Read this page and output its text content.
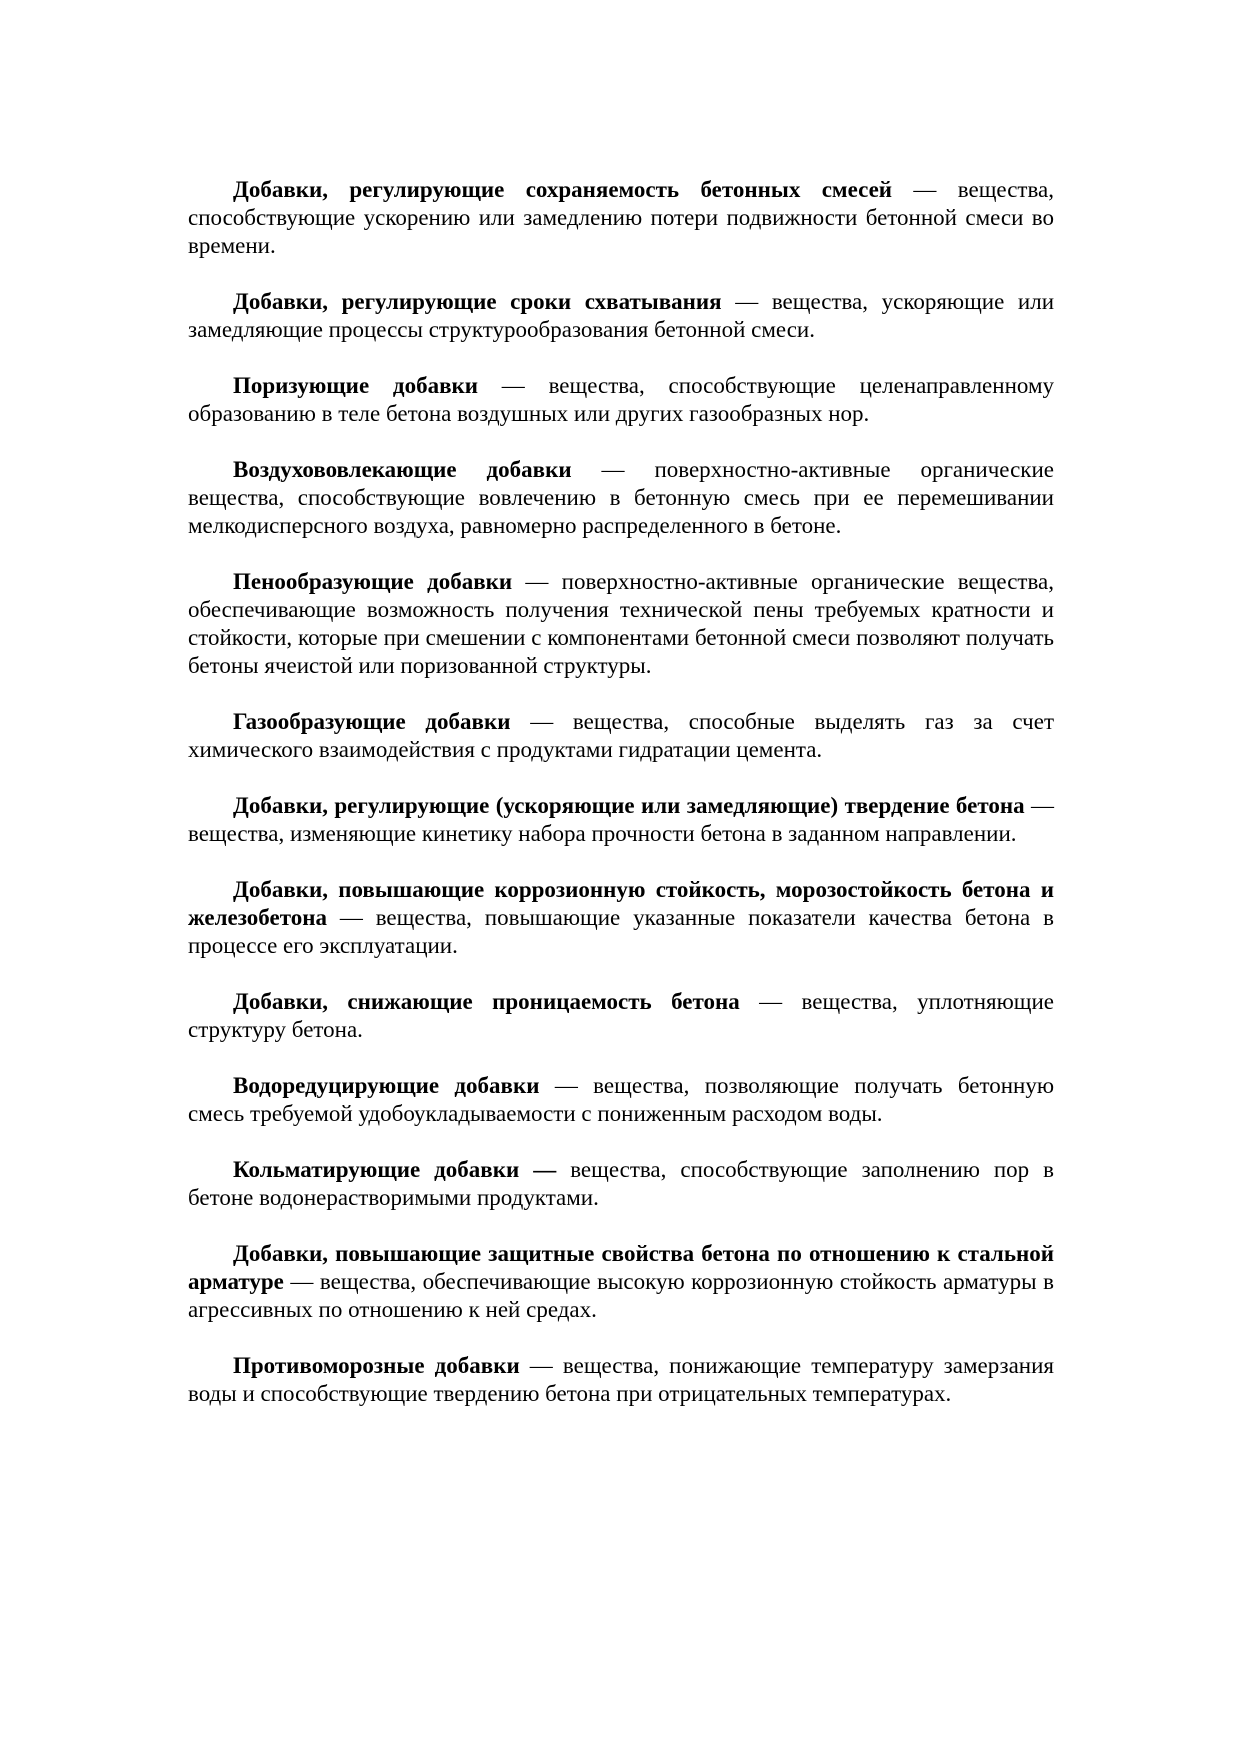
Добавки, регулирующие сохраняемость бетонных смесей — вещества, способствующие ускорению или замедлению потери подвижности бетонной смеси во времени.

Добавки, регулирующие сроки схватывания — вещества, ускоряющие или замедляющие процессы структурообразования бетонной смеси.

Поризующие добавки — вещества, способствующие целенаправленному образованию в теле бетона воздушных или других газообразных нор.

Воздухововлекающие добавки — поверхностно-активные органические вещества, способствующие вовлечению в бетонную смесь при ее перемешивании мелкодисперсного воздуха, равномерно распределенного в бетоне.

Пенообразующие добавки — поверхностно-активные органические вещества, обеспечивающие возможность получения технической пены требуемых кратности и стойкости, которые при смешении с компонентами бетонной смеси позволяют получать бетоны ячеистой или поризованной структуры.

Газообразующие добавки — вещества, способные выделять газ за счет химического взаимодействия с продуктами гидратации цемента.

Добавки, регулирующие (ускоряющие или замедляющие) твердение бетона — вещества, изменяющие кинетику набора прочности бетона в заданном направлении.

Добавки, повышающие коррозионную стойкость, морозостойкость бетона и железобетона — вещества, повышающие указанные показатели качества бетона в процессе его эксплуатации.

Добавки, снижающие проницаемость бетона — вещества, уплотняющие структуру бетона.

Водоредуцирующие добавки — вещества, позволяющие получать бетонную смесь требуемой удобоукладываемости с пониженным расходом воды.

Кольматирующие добавки — вещества, способствующие заполнению пор в бетоне водонерастворимыми продуктами.

Добавки, повышающие защитные свойства бетона по отношению к стальной арматуре — вещества, обеспечивающие высокую коррозионную стойкость арматуры в агрессивных по отношению к ней средах.

Противоморозные добавки — вещества, понижающие температуру замерзания воды и способствующие твердению бетона при отрицательных температурах.
